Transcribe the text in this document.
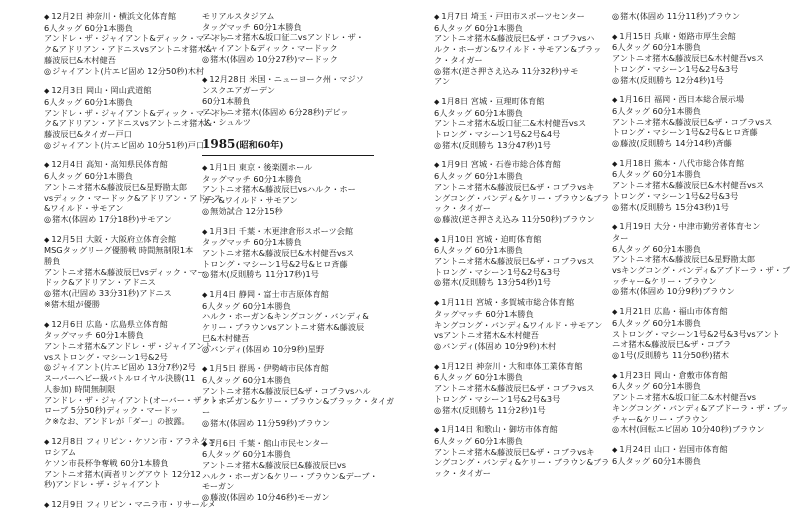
◆ 12月2日 神奈川・横浜文化体育館
6人タッグ 60分1本勝負
アンドレ・ザ・ジャイアント&ディック・マードッ
ク&アドリアン・アドニスvsアントニオ猪木&
藤波辰巳&木村健吾
◎ ジャイアント(片エビ固め 12分50秒)木村
◆ 12月3日 岡山・岡山武道館
6人タッグ 60分1本勝負
アンドレ・ザ・ジャイアント&ディック・マードッ
ク&アドリアン・アドニスvsアントニオ猪木&
藤波辰巳&タイガー戸口
◎ ジャイアント(片エビ固め 10分51秒)戸口
◆ 12月4日 高知・高知県民体育館
6人タッグ 60分1本勝負
アントニオ猪木&藤波辰巳&星野勘太郎
vsディック・マードック&アドリアン・アドニス
&ワイルド・サモアン
◎ 猪木(体固め 17分18秒)サモアン
◆ 12月5日 大阪・大阪府立体育会館
MSGタッグリーグ優勝戦 時間無制限1本
勝負
アントニオ猪木&藤波辰巳vsディック・マー
ドック&アドリアン・アドニス
◎ 猪木(卍固め 33分31秒)アドニス
※猪木組が優勝
◆ 12月6日 広島・広島県立体育館
タッグマッチ 60分1本勝負
アントニオ猪木&アンドレ・ザ・ジャイアント
vsストロング・マシーン1号&2号
◎ ジャイアント(片エビ固め 13分7秒)2号
スーパーヘビー級バトルロイヤル決勝(11
人参加) 時間無制限
アンドレ・ザ・ジャイアント(オーバー・ザ・トップ
ロープ 5分50秒)ディック・マードッ
ク※なお、アンドレが「ダー」の披露。
◆ 12月8日 フィリピン・ケソン市・アラネタコ
ロシアム
ケソン市長杯争奪戦 60分1本勝負
アントニオ猪木(両者リングアウト 12分12
秒)アンドレ・ザ・ジャイアント
◆ 12月9日 フィリピン・マニラ市・リサールメ
モリアルスタジアム
タッグマッチ 60分1本勝負
アントニオ猪木&坂口征二vsアンドレ・ザ・
ジャイアント&ディック・マードック
◎ 猪木(体固め 10分27秒)マードック
◆ 12月28日 米国・ニューヨーク州・マジソ
ンスクエアガーデン
60分1本勝負
アントニオ猪木(体固め 6分28秒)デビッ
ド・シュルツ
1985(昭和60年)
◆ 1月1日 東京・後楽園ホール
タッグマッチ 60分1本勝負
アントニオ猪木&藤波辰巳vsハルク・ホー
ガン&ワイルド・サモアン
◎ 無効試合 12分15秒
◆ 1月3日 千葉・木更津倉形スポーツ会館
タッグマッチ 60分1本勝負
アントニオ猪木&藤波辰巳&木村健吾vsス
トロング・マシーン1号&2号&ヒロ斉藤
◎ 猪木(反則勝ち 11分17秒)1号
◆ 1月4日 静岡・富士市吉原体育館
6人タッグ 60分1本勝負
ハルク・ホーガン&キングコング・バンディ&
ケリー・ブラウンvsアントニオ猪木&藤波辰
巳&木村健吾
◎ バンディ(体固め 10分9秒)星野
◆ 1月5日 群馬・伊勢崎市民体育館
6人タッグ 60分1本勝負
アントニオ猪木&藤波辰巳&ザ・コブラvsハル
ク・ホーガン&ケリー・ブラウン&ブラック・タイガ
ー
◎ 猪木(体固め 11分59秒)ブラウン
◆ 1月6日 千葉・館山市民センター
6人タッグ 60分1本勝負
アントニオ猪木&藤波辰巳&藤波辰巳vs
ハルク・ホーガン&ケリー・ブラウン&デーブ・
モーガン
◎ 藤波(体固め 10分46秒)モーガン
◆ 1月7日 埼玉・戸田市スポーツセンター
6人タッグ 60分1本勝負
アントニオ猪木&藤波辰巳&ザ・コブラvsハ
ルク・ホーガン&ワイルド・サモアン&ブラッ
ク・タイガー
◎ 猪木(逆さ押さえ込み 11分32秒)サモ
アン
◆ 1月8日 宮城・亘理町体育館
6人タッグ 60分1本勝負
アントニオ猪木&坂口征二&木村健吾vsス
トロング・マシーン1号&2号&4号
◎ 猪木(反則勝ち 13分47秒)1号
◆ 1月9日 宮城・石巻市総合体育館
6人タッグ 60分1本勝負
アントニオ猪木&藤波辰巳&ザ・コブラvsキ
ングコング・バンディ&ケリー・ブラウン&ブラ
ック・タイガー
◎ 藤波(逆さ押さえ込み 11分50秒)ブラウン
◆ 1月10日 宮城・迫町体育館
6人タッグ 60分1本勝負
アントニオ猪木&藤波辰巳&ザ・コブラvsス
トロング・マシーン1号&2号&3号
◎ 猪木(反則勝ち 13分54秒)1号
◆ 1月11日 宮城・多賀城市総合体育館
タッグマッチ 60分1本勝負
キングコング・バンディ&ワイルド・サモアン
vsアントニオ猪木&木村健吾
◎ バンディ(体固め 10分9秒)木村
◆ 1月12日 神奈川・大和車体工業体育館
6人タッグ 60分1本勝負
アントニオ猪木&藤波辰巳&ザ・コブラvsス
トロング・マシーン1号&2号&3号
◎ 猪木(反則勝ち 11分2秒)1号
◆ 1月14日 和歌山・御坊市体育館
6人タッグ 60分1本勝負
アントニオ猪木&藤波辰巳&ザ・コブラvsキ
ングコング・バンディ&ケリー・ブラウン&ブラ
ック・タイガー
◎ 猪木(体固め 11分11秒)ブラウン
◆ 1月15日 兵庫・姫路市厚生会館
6人タッグ 60分1本勝負
アントニオ猪木&藤波辰巳&木村健吾vsス
トロング・マシーン1号&2号&3号
◎ 猪木(反則勝ち 12分4秒)1号
◆ 1月16日 福岡・西日本総合展示場
6人タッグ 60分1本勝負
アントニオ猪木&藤波辰巳&ザ・コブラvsス
トロング・マシーン1号&2号&ヒロ斉藤
◎ 藤波(反則勝ち 14分14秒)斉藤
◆ 1月18日 熊本・八代市総合体育館
6人タッグ 60分1本勝負
アントニオ猪木&藤波辰巳&木村健吾vsス
トロング・マシーン1号&2号&3号
◎ 猪木(反則勝ち 15分43秒)1号
◆ 1月19日 大分・中津市勤労者体育セン
ター
6人タッグ 60分1本勝負
アントニオ猪木&藤波辰巳&星野勘太郎
vsキングコング・バンディ&アブドーラ・ザ・ブ
ッチャー&ケリー・ブラウン
◎ 猪木(体固め 10分9秒)ブラウン
◆ 1月21日 広島・福山市体育館
6人タッグ 60分1本勝負
ストロング・マシーン1号&2号&3号vsアント
ニオ猪木&藤波辰巳&ザ・コブラ
◎ 1号(反則勝ち 11分50秒)猪木
◆ 1月23日 岡山・倉敷市体育館
6人タッグ 60分1本勝負
アントニオ猪木&坂口征二&木村健吾vs
キングコング・バンディ&アブドーラ・ザ・ブッ
チャー&ケリー・ブラウン
◎ 木村(回転エビ固め 10分40秒)ブラウン
◆ 1月24日 山口・岩国市体育館
6人タッグ 60分1本勝負
